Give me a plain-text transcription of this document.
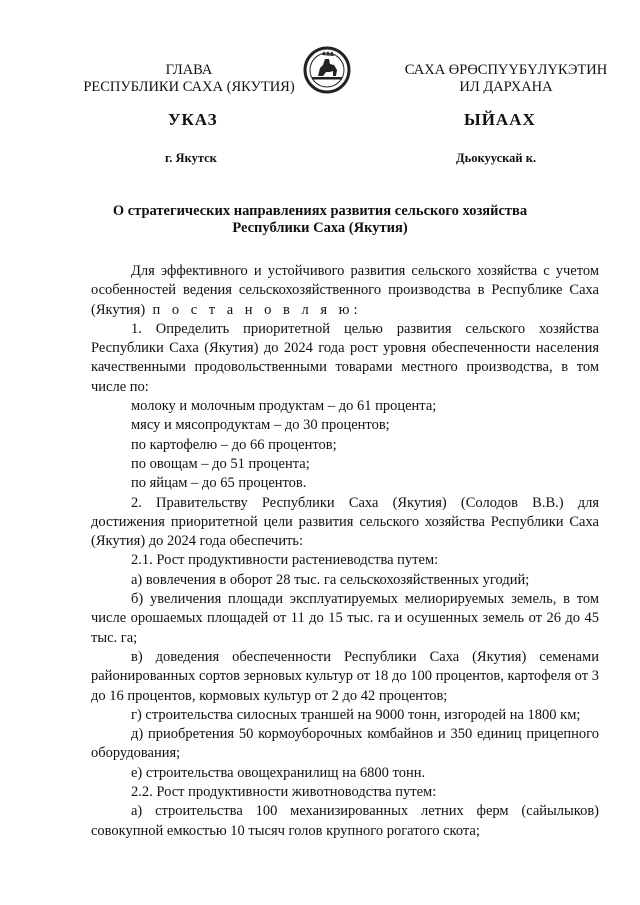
ГЛАВА
РЕСПУБЛИКИ САХА (ЯКУТИЯ)
САХА ӨРӨСПҮҮБҮЛҮКЭТИН
ИЛ ДАРХАНА
УКАЗ	ЫЙААХ
г. Якутск	Дьокуускай к.
О стратегических направлениях развития сельского хозяйства
Республики Саха (Якутия)

Для эффективного и устойчивого развития сельского хозяйства с учетом особенностей ведения сельскохозяйственного производства в Республике Саха (Якутия) п о с т а н о в л я ю:

1. Определить приоритетной целью развития сельского хозяйства Республики Саха (Якутия) до 2024 года рост уровня обеспеченности населения качественными продовольственными товарами местного производства, в том числе по:

молоку и молочным продуктам – до 61 процента;

мясу и мясопродуктам – до 30 процентов;

по картофелю – до 66 процентов;

по овощам – до 51 процента;

по яйцам – до 65 процентов.

2. Правительству Республики Саха (Якутия) (Солодов В.В.) для достижения приоритетной цели развития сельского хозяйства Республики Саха (Якутия) до 2024 года обеспечить:

2.1. Рост продуктивности растениеводства путем:

а) вовлечения в оборот 28 тыс. га сельскохозяйственных угодий;

б) увеличения площади эксплуатируемых мелиорируемых земель, в том числе орошаемых площадей от 11 до 15 тыс. га и осушенных земель от 26 до 45 тыс. га;

в) доведения обеспеченности Республики Саха (Якутия) семенами районированных сортов зерновых культур от 18 до 100 процентов, картофеля от 3 до 16 процентов, кормовых культур от 2 до 42 процентов;

г) строительства силосных траншей на 9000 тонн, изгородей на 1800 км;

д) приобретения 50 кормоуборочных комбайнов и 350 единиц прицепного оборудования;

е) строительства овощехранилищ на 6800 тонн.

2.2. Рост продуктивности животноводства путем:

а) строительства 100 механизированных летних ферм (сайылыков) совокупной емкостью 10 тысяч голов крупного рогатого скота;
